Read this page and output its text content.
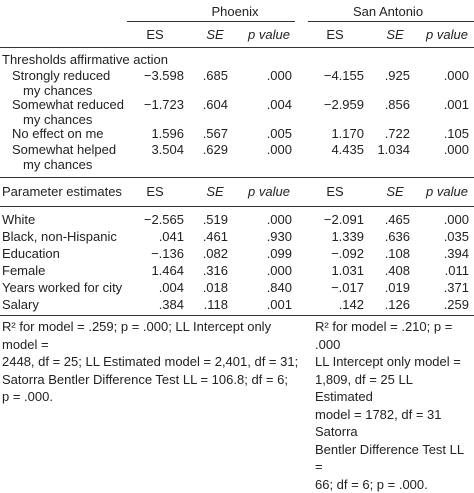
Phoenix	San Antonio
ES	SE	p value	ES	SE	p value
Thresholds affirmative action
Strongly reduced
my chances
−3.598	.685	.000	−4.155	.925	.000
Somewhat reduced
my chances
−1.723	.604	.004	−2.959	.856	.001
No effect on me	1.596	.567	.005	1.170	.722	.105
Somewhat helped
my chances
3.504	.629	.000	4.435	1.034	.000
Parameter estimates	ES	SE	p value	ES	SE	p value
White	−2.565	.519	.000	−2.091	.465	.000
Black, non-Hispanic	.041	.461	.930	1.339	.636	.035
Education	−.136	.082	.099	−.092	.108	.394
Female	1.464	.316	.000	1.031	.408	.011
Years worked for city	.004	.018	.840	−.017	.019	.371
Salary	.384	.118	.001	.142	.126	.259
R² for model = .259; p = .000; LL Intercept only model =
2448, df = 25; LL Estimated model = 2,401, df = 31;
Satorra Bentler Difference Test LL = 106.8; df = 6;
p = .000.
R² for model = .210; p = .000
LL Intercept only model =
1,809, df = 25 LL Estimated
model = 1782, df = 31 Satorra
Bentler Difference Test LL =
66; df = 6; p = .000.
